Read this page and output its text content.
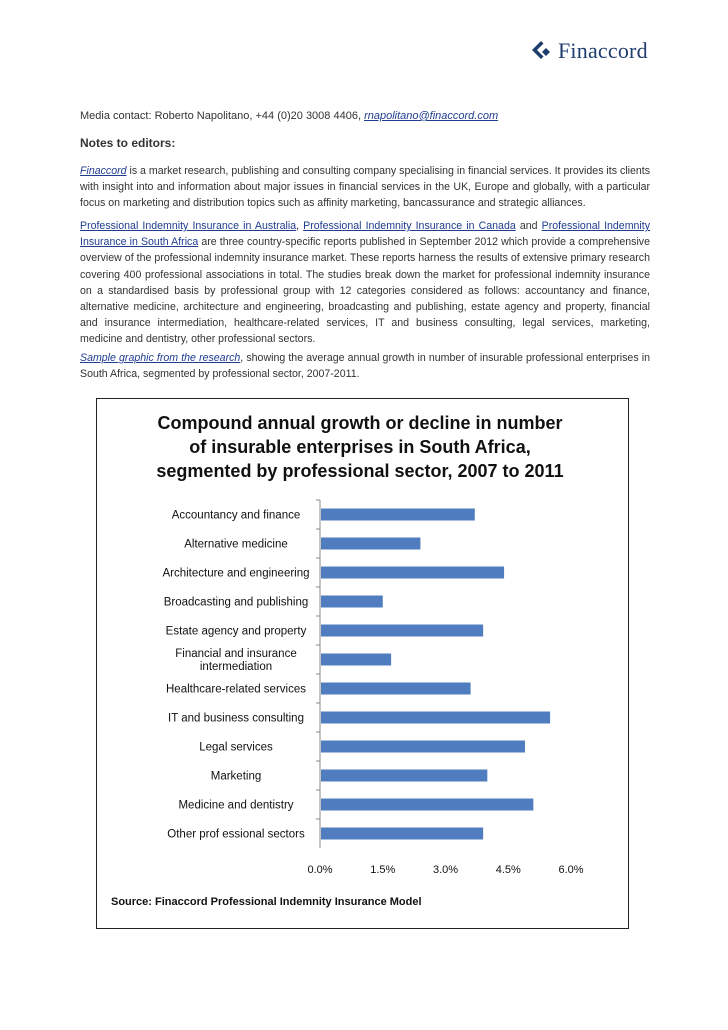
Finaccord
Media contact: Roberto Napolitano, +44 (0)20 3008 4406, rnapolitano@finaccord.com
Notes to editors:
Finaccord is a market research, publishing and consulting company specialising in financial services. It provides its clients with insight into and information about major issues in financial services in the UK, Europe and globally, with a particular focus on marketing and distribution topics such as affinity marketing, bancassurance and strategic alliances.
Professional Indemnity Insurance in Australia, Professional Indemnity Insurance in Canada and Professional Indemnity Insurance in South Africa are three country-specific reports published in September 2012 which provide a comprehensive overview of the professional indemnity insurance market. These reports harness the results of extensive primary research covering 400 professional associations in total. The studies break down the market for professional indemnity insurance on a standardised basis by professional group with 12 categories considered as follows: accountancy and finance, alternative medicine, architecture and engineering, broadcasting and publishing, estate agency and property, financial and insurance intermediation, healthcare-related services, IT and business consulting, legal services, marketing, medicine and dentistry, other professional sectors.
Sample graphic from the research, showing the average annual growth in number of insurable professional enterprises in South Africa, segmented by professional sector, 2007-2011.
Compound annual growth or decline in number
of insurable enterprises in South Africa,
segmented by professional sector, 2007 to 2011
Accountancy and finance
Alternative medicine
Architecture and engineering
Broadcasting and publishing
Estate agency and property
Financial and insurance intermediation
Healthcare-related services
IT and business consulting
Legal services
Marketing
Medicine and dentistry
Other prof essional sectors
0.0%	1.5%	3.0%	4.5%	6.0%
Source: Finaccord Professional Indemnity Insurance Model
